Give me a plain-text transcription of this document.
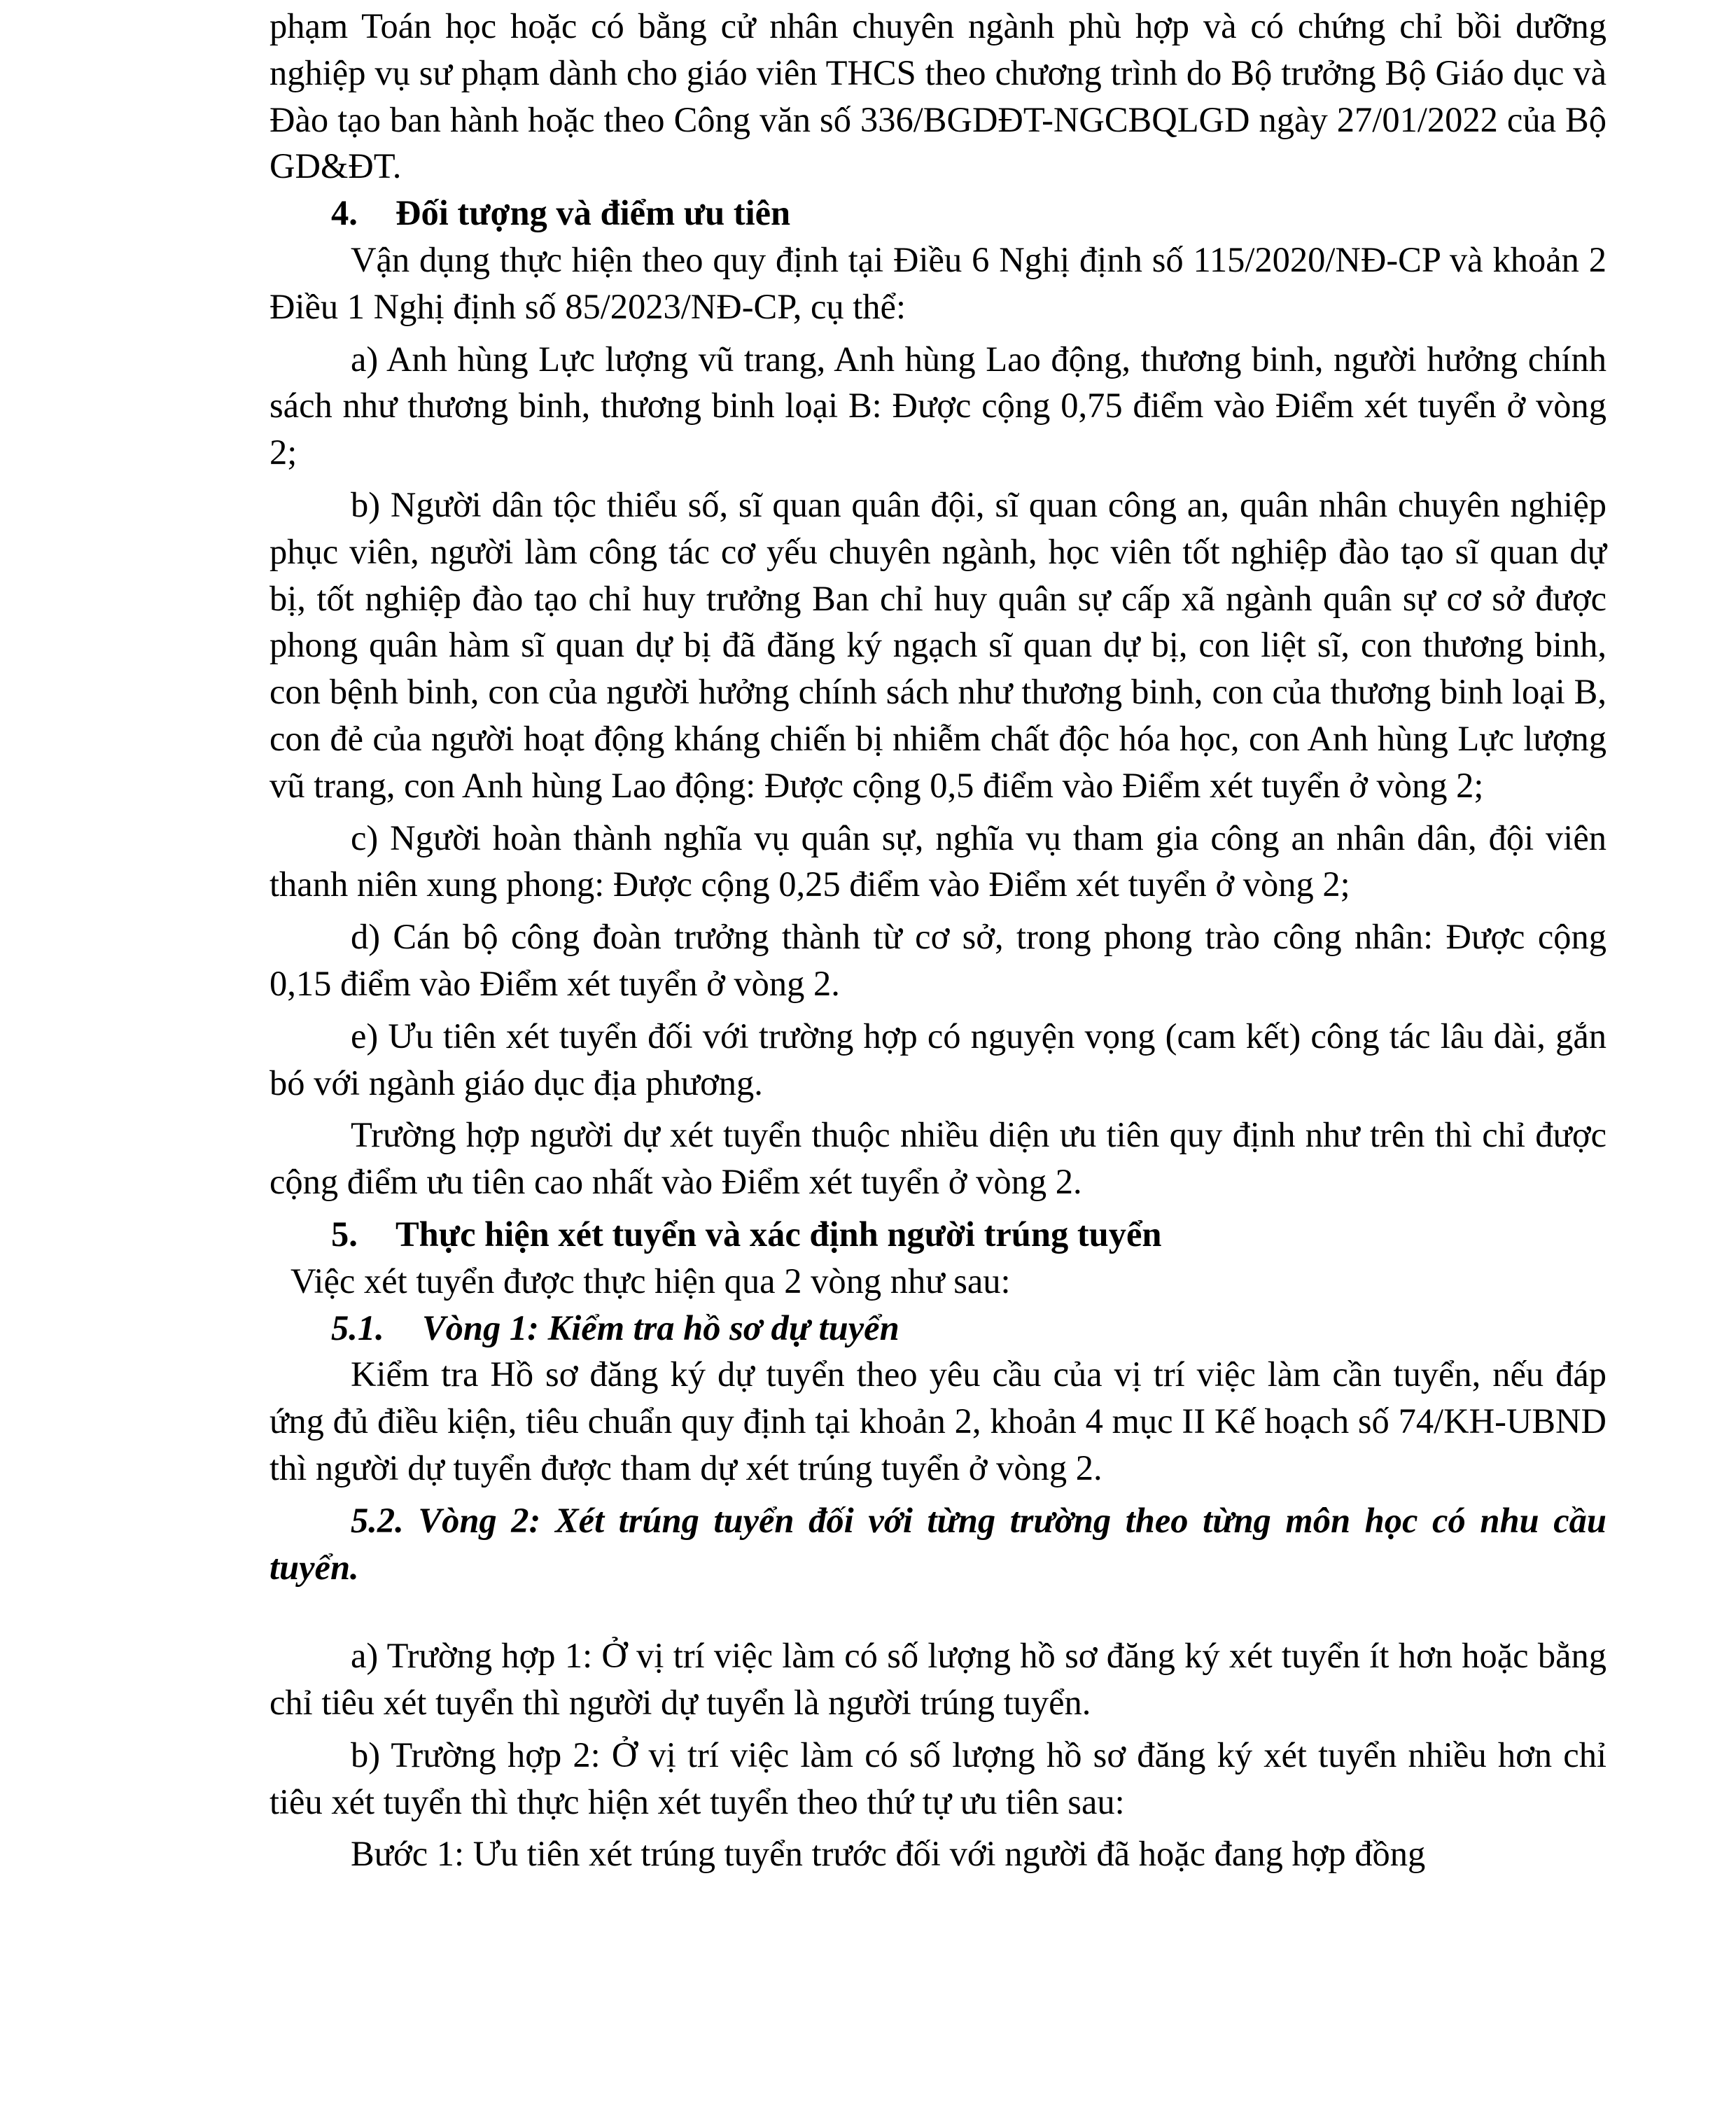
phạm Toán học hoặc có bằng cử nhân chuyên ngành phù hợp và có chứng chỉ bồi dưỡng nghiệp vụ sư phạm dành cho giáo viên THCS theo chương trình do Bộ trưởng Bộ Giáo dục và Đào tạo ban hành hoặc theo Công văn số 336/BGDĐT-NGCBQLGD ngày 27/01/2022 của Bộ GD&ĐT.

4. Đối tượng và điểm ưu tiên

Vận dụng thực hiện theo quy định tại Điều 6 Nghị định số 115/2020/NĐ-CP và khoản 2 Điều 1 Nghị định số 85/2023/NĐ-CP, cụ thể:

a) Anh hùng Lực lượng vũ trang, Anh hùng Lao động, thương binh, người hưởng chính sách như thương binh, thương binh loại B: Được cộng 0,75 điểm vào Điểm xét tuyển ở vòng 2;

b) Người dân tộc thiểu số, sĩ quan quân đội, sĩ quan công an, quân nhân chuyên nghiệp phục viên, người làm công tác cơ yếu chuyên ngành, học viên tốt nghiệp đào tạo sĩ quan dự bị, tốt nghiệp đào tạo chỉ huy trưởng Ban chỉ huy quân sự cấp xã ngành quân sự cơ sở được phong quân hàm sĩ quan dự bị đã đăng ký ngạch sĩ quan dự bị, con liệt sĩ, con thương binh, con bệnh binh, con của người hưởng chính sách như thương binh, con của thương binh loại B, con đẻ của người hoạt động kháng chiến bị nhiễm chất độc hóa học, con Anh hùng Lực lượng vũ trang, con Anh hùng Lao động: Được cộng 0,5 điểm vào Điểm xét tuyển ở vòng 2;

c) Người hoàn thành nghĩa vụ quân sự, nghĩa vụ tham gia công an nhân dân, đội viên thanh niên xung phong: Được cộng 0,25 điểm vào Điểm xét tuyển ở vòng 2;

d) Cán bộ công đoàn trưởng thành từ cơ sở, trong phong trào công nhân: Được cộng 0,15 điểm vào Điểm xét tuyển ở vòng 2.

e) Ưu tiên xét tuyển đối với trường hợp có nguyện vọng (cam kết) công tác lâu dài, gắn bó với ngành giáo dục địa phương.

Trường hợp người dự xét tuyển thuộc nhiều diện ưu tiên quy định như trên thì chỉ được cộng điểm ưu tiên cao nhất vào Điểm xét tuyển ở vòng 2.

5. Thực hiện xét tuyển và xác định người trúng tuyển

Việc xét tuyển được thực hiện qua 2 vòng như sau:

5.1. Vòng 1: Kiểm tra hồ sơ dự tuyển

Kiểm tra Hồ sơ đăng ký dự tuyển theo yêu cầu của vị trí việc làm cần tuyển, nếu đáp ứng đủ điều kiện, tiêu chuẩn quy định tại khoản 2, khoản 4 mục II Kế hoạch số 74/KH-UBND thì người dự tuyển được tham dự xét trúng tuyển ở vòng 2.

5.2. Vòng 2: Xét trúng tuyển đối với từng trường theo từng môn học có nhu cầu tuyển.

a) Trường hợp 1: Ở vị trí việc làm có số lượng hồ sơ đăng ký xét tuyển ít hơn hoặc bằng chỉ tiêu xét tuyển thì người dự tuyển là người trúng tuyển.

b) Trường hợp 2: Ở vị trí việc làm có số lượng hồ sơ đăng ký xét tuyển nhiều hơn chỉ tiêu xét tuyển thì thực hiện xét tuyển theo thứ tự ưu tiên sau:

Bước 1: Ưu tiên xét trúng tuyển trước đối với người đã hoặc đang hợp đồng
